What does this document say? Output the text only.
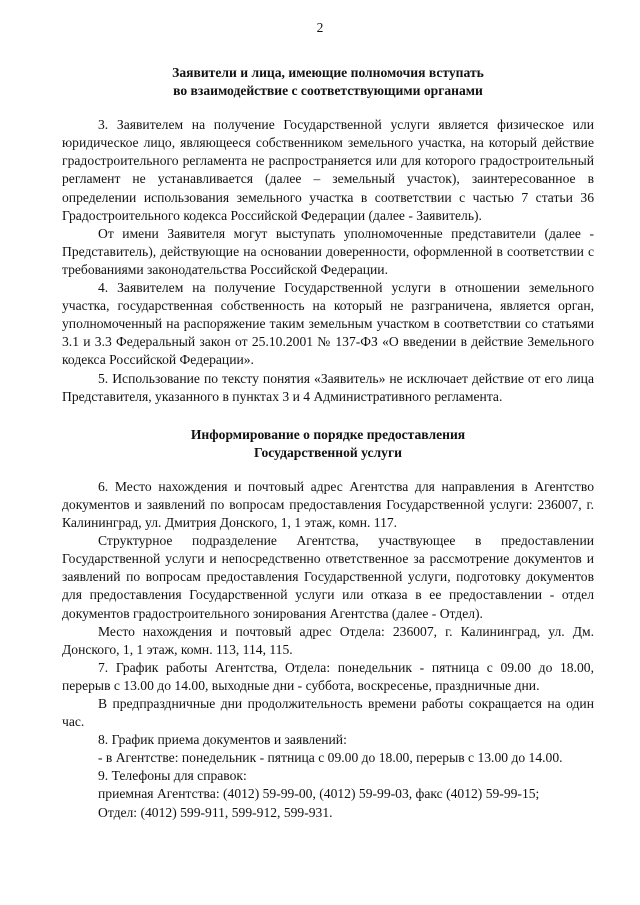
2
Заявители и лица, имеющие полномочия вступать
во взаимодействие с соответствующими органами

3. Заявителем на получение Государственной услуги является физическое или юридическое лицо, являющееся собственником земельного участка, на который действие градостроительного регламента не распространяется или для которого градостроительный регламент не устанавливается (далее – земельный участок), заинтересованное в определении использования земельного участка в соответствии с частью 7 статьи 36 Градостроительного кодекса Российской Федерации (далее - Заявитель).

От имени Заявителя могут выступать уполномоченные представители (далее - Представитель), действующие на основании доверенности, оформленной в соответствии с требованиями законодательства Российской Федерации.

4. Заявителем на получение Государственной услуги в отношении земельного участка, государственная собственность на который не разграничена, является орган, уполномоченный на распоряжение таким земельным участком в соответствии со статьями 3.1 и 3.3 Федеральный закон от 25.10.2001 № 137-ФЗ «О введении в действие Земельного кодекса Российской Федерации».

5. Использование по тексту понятия «Заявитель» не исключает действие от его лица Представителя, указанного в пунктах 3 и 4 Административного регламента.

Информирование о порядке предоставления
Государственной услуги

6. Место нахождения и почтовый адрес Агентства для направления в Агентство документов и заявлений по вопросам предоставления Государственной услуги: 236007, г. Калининград, ул. Дмитрия Донского, 1, 1 этаж, комн. 117.

Структурное подразделение Агентства, участвующее в предоставлении Государственной услуги и непосредственно ответственное за рассмотрение документов и заявлений по вопросам предоставления Государственной услуги, подготовку документов для предоставления Государственной услуги или отказа в ее предоставлении - отдел документов градостроительного зонирования Агентства (далее - Отдел).

Место нахождения и почтовый адрес Отдела: 236007, г. Калининград, ул. Дм. Донского, 1, 1 этаж, комн. 113, 114, 115.

7. График работы Агентства, Отдела: понедельник - пятница с 09.00 до 18.00, перерыв с 13.00 до 14.00, выходные дни - суббота, воскресенье, праздничные дни.

В предпраздничные дни продолжительность времени работы сокращается на один час.

8. График приема документов и заявлений:

- в Агентстве: понедельник - пятница с 09.00 до 18.00, перерыв с 13.00 до 14.00.

9. Телефоны для справок:

приемная Агентства: (4012) 59-99-00, (4012) 59-99-03, факс (4012) 59-99-15;

Отдел: (4012) 599-911, 599-912, 599-931.
